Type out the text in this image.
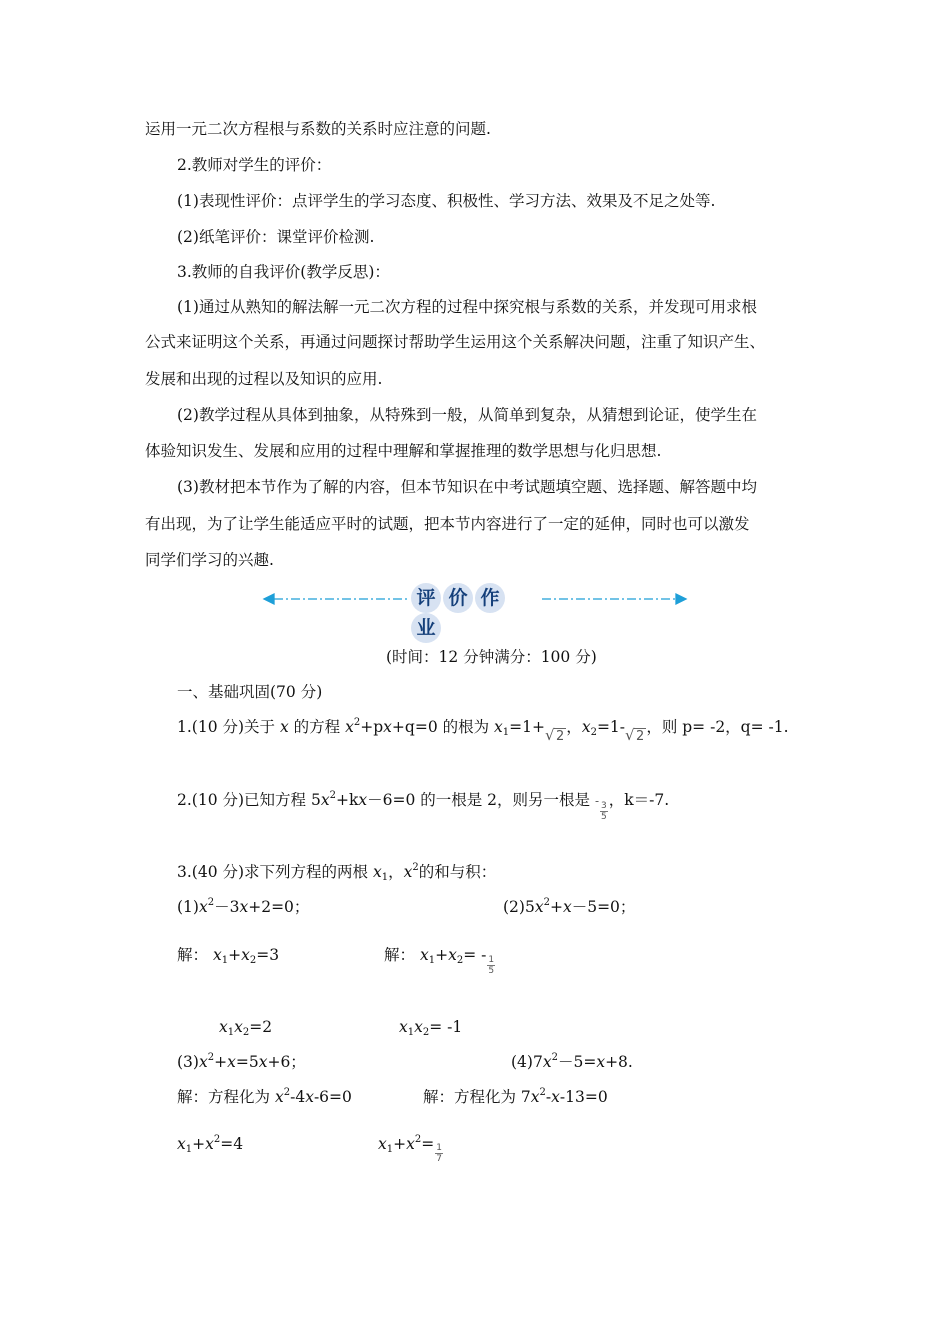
运用一元二次方程根与系数的关系时应注意的问题.
2.教师对学生的评价：
(1)表现性评价：点评学生的学习态度、积极性、学习方法、效果及不足之处等.
(2)纸笔评价：课堂评价检测.
3.教师的自我评价(教学反思)：
(1)通过从熟知的解法解一元二次方程的过程中探究根与系数的关系，并发现可用求根
公式来证明这个关系，再通过问题探讨帮助学生运用这个关系解决问题，注重了知识产生、
发展和出现的过程以及知识的应用.
(2)教学过程从具体到抽象，从特殊到一般，从简单到复杂，从猜想到论证，使学生在
体验知识发生、发展和应用的过程中理解和掌握推理的数学思想与化归思想.
(3)教材把本节作为了解的内容，但本节知识在中考试题填空题、选择题、解答题中均
有出现，为了让学生能适应平时的试题，把本节内容进行了一定的延伸，同时也可以激发
同学们学习的兴趣.
评 价 作业
(时间：12 分钟满分：100 分)
一、基础巩固(70 分)
1.(10 分)关于 x 的方程 $x^2+px+q=0$ 的根为 $x_1=1+$ √ 2，$x_2=1-$ √ 2，则 p= -2，q= -1.
2.(10 分)已知方程 $5x^2+kx-6=0$ 的一根是 2，则另一根是 - $\frac{3}{5}$
，k＝-7.
3.(40 分)求下列方程的两根 $x_1$，$x^2$的和与积：
$(1)x^2-3x+2=0$；	$(2)5x^2+x-5=0$；
解： $x_1+x_2=3$	解： $x_1+x_2= - \frac{1}{5}$
$x_1x_2=2$	$x_1x_2= -1$
$(3)x^2+x=5x+6$；	$(4)7x^2-5=x+8$.
解：方程化为 $x^2-4x-6=0$	解：方程化为 $7x^2-x-13=0$
$x_1+x^2=4$	$x_1+x^2= \frac{1}{7}$
